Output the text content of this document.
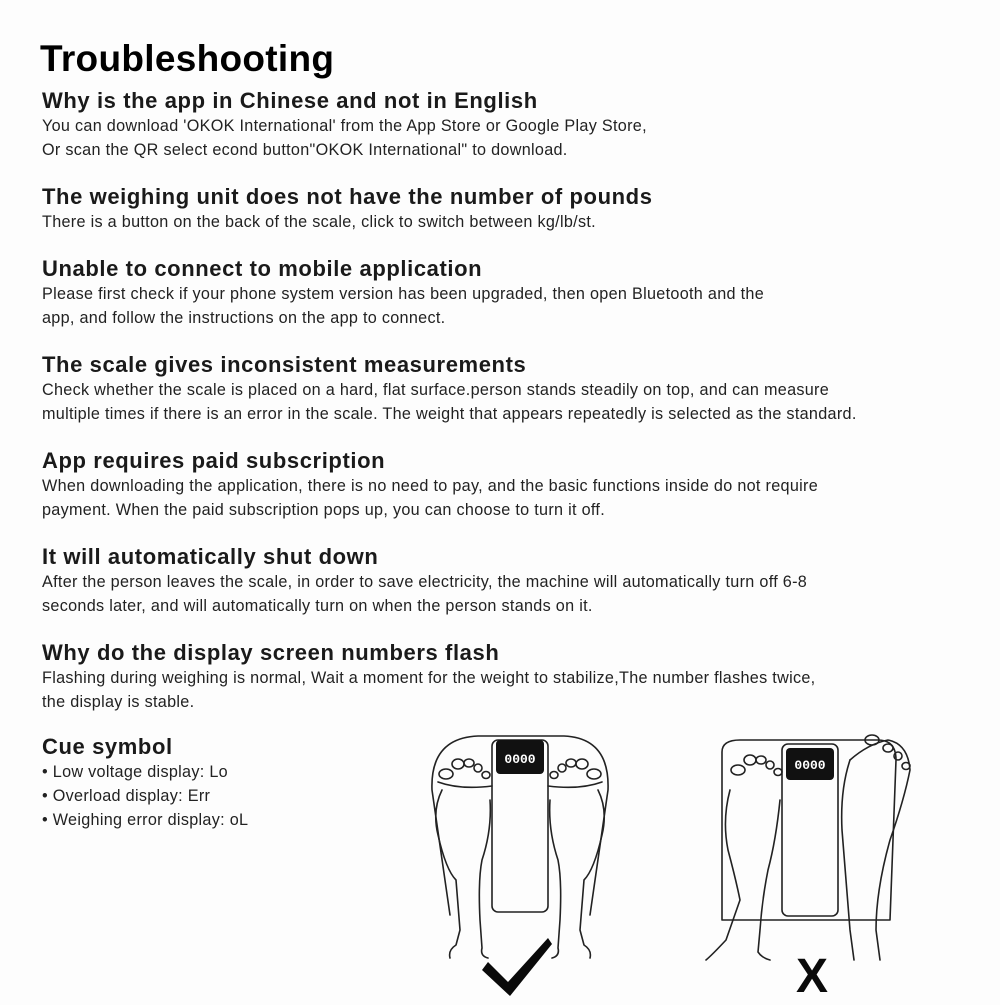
Troubleshooting
Why is the app in Chinese and not in English

You can download 'OKOK International' from the App Store or Google Play Store,

Or scan the QR select econd button"OKOK International" to download.

The weighing unit does not have the number of pounds

There is a button on the back of the scale, click to switch between kg/lb/st.

Unable to connect to mobile application

Please first check if your phone system version has been upgraded, then open Bluetooth and the

app, and follow the instructions on the app to connect.

The scale gives inconsistent measurements

Check whether the scale is placed on a hard, flat surface.person stands steadily on top, and can measure

multiple times if there is an error in the scale. The weight that appears repeatedly is selected as the standard.

App requires paid subscription

When downloading the application, there is no need to pay, and the basic functions inside do not require

payment. When the paid subscription pops up, you can choose to turn it off.

It will automatically shut down

After the person leaves the scale, in order to save electricity, the machine will automatically turn off 6-8

seconds later, and will automatically turn on when the person stands on it.

Why do the display screen numbers flash

Flashing during weighing is normal, Wait a moment for the weight to stabilize,The number flashes twice,

the display is stable.

Cue symbol
• Low voltage display: Lo
• Overload display: Err
• Weighing error display: oL
0000	0000
X
